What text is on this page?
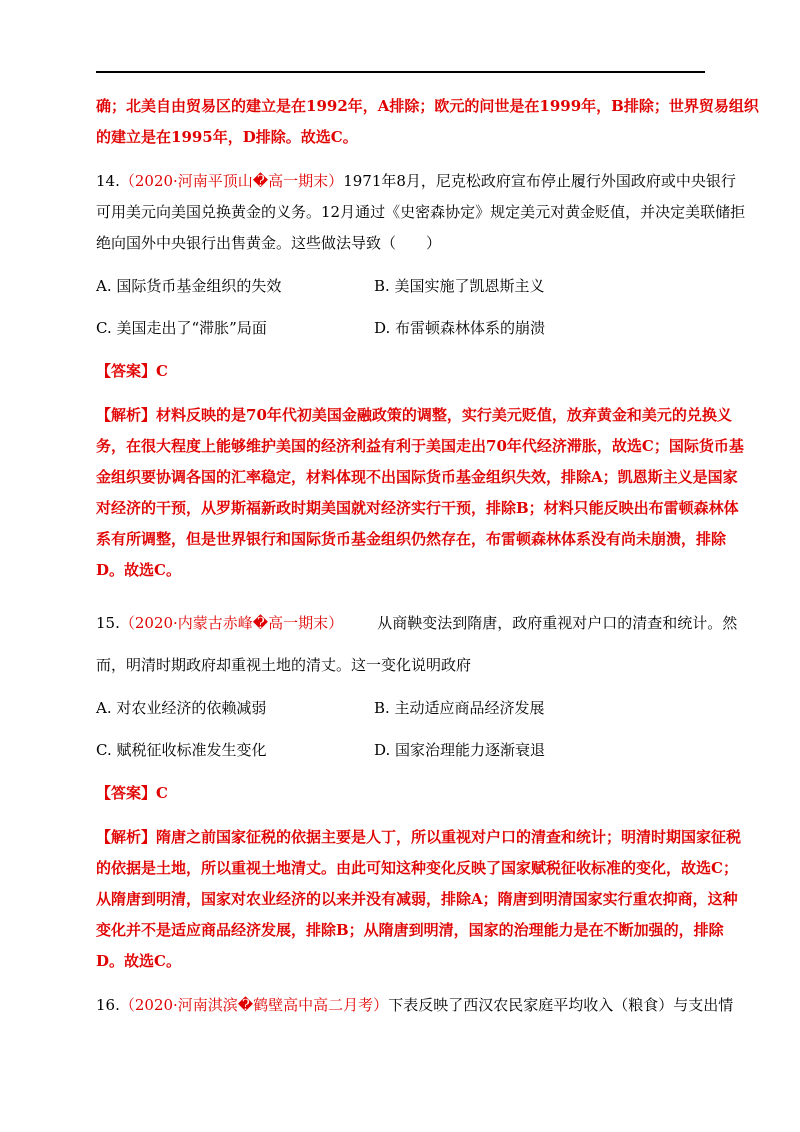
确；北美自由贸易区的建立是在1992年，A排除；欧元的问世是在1999年，B排除；世界贸易组织
的建立是在1995年，D排除。故选C。
14.（2020·河南平顶山�高一期末）1971年8月，尼克松政府宣布停止履行外国政府或中央银行
可用美元向美国兑换黄金的义务。12月通过《史密森协定》规定美元对黄金贬值，并决定美联储拒
绝向国外中央银行出售黄金。这些做法导致（　　）
A. 国际货币基金组织的失效	B. 美国实施了凯恩斯主义
C. 美国走出了“滞胀”局面	D. 布雷顿森林体系的崩溃
【答案】C
【解析】材料反映的是70年代初美国金融政策的调整，实行美元贬值，放弃黄金和美元的兑换义
务，在很大程度上能够维护美国的经济利益有利于美国走出70年代经济滞胀，故选C；国际货币基
金组织要协调各国的汇率稳定，材料体现不出国际货币基金组织失效，排除A；凯恩斯主义是国家
对经济的干预，从罗斯福新政时期美国就对经济实行干预，排除B；材料只能反映出布雷顿森林体
系有所调整，但是世界银行和国际货币基金组织仍然存在，布雷顿森林体系没有尚未崩溃，排除
D。故选C。
15.（2020·内蒙古赤峰�高一期末） 从商鞅变法到隋唐，政府重视对户口的清查和统计。然
而，明清时期政府却重视土地的清丈。这一变化说明政府
A. 对农业经济的依赖减弱	B. 主动适应商品经济发展
C. 赋税征收标准发生变化	D. 国家治理能力逐渐衰退
【答案】C
【解析】隋唐之前国家征税的依据主要是人丁，所以重视对户口的清查和统计；明清时期国家征税
的依据是土地，所以重视土地清丈。由此可知这种变化反映了国家赋税征收标准的变化，故选C；
从隋唐到明清，国家对农业经济的以来并没有减弱，排除A；隋唐到明清国家实行重农抑商，这种
变化并不是适应商品经济发展，排除B；从隋唐到明清，国家的治理能力是在不断加强的，排除
D。故选C。
16.（2020·河南淇滨�鹤壁高中高二月考）下表反映了西汉农民家庭平均收入（粮食）与支出情
